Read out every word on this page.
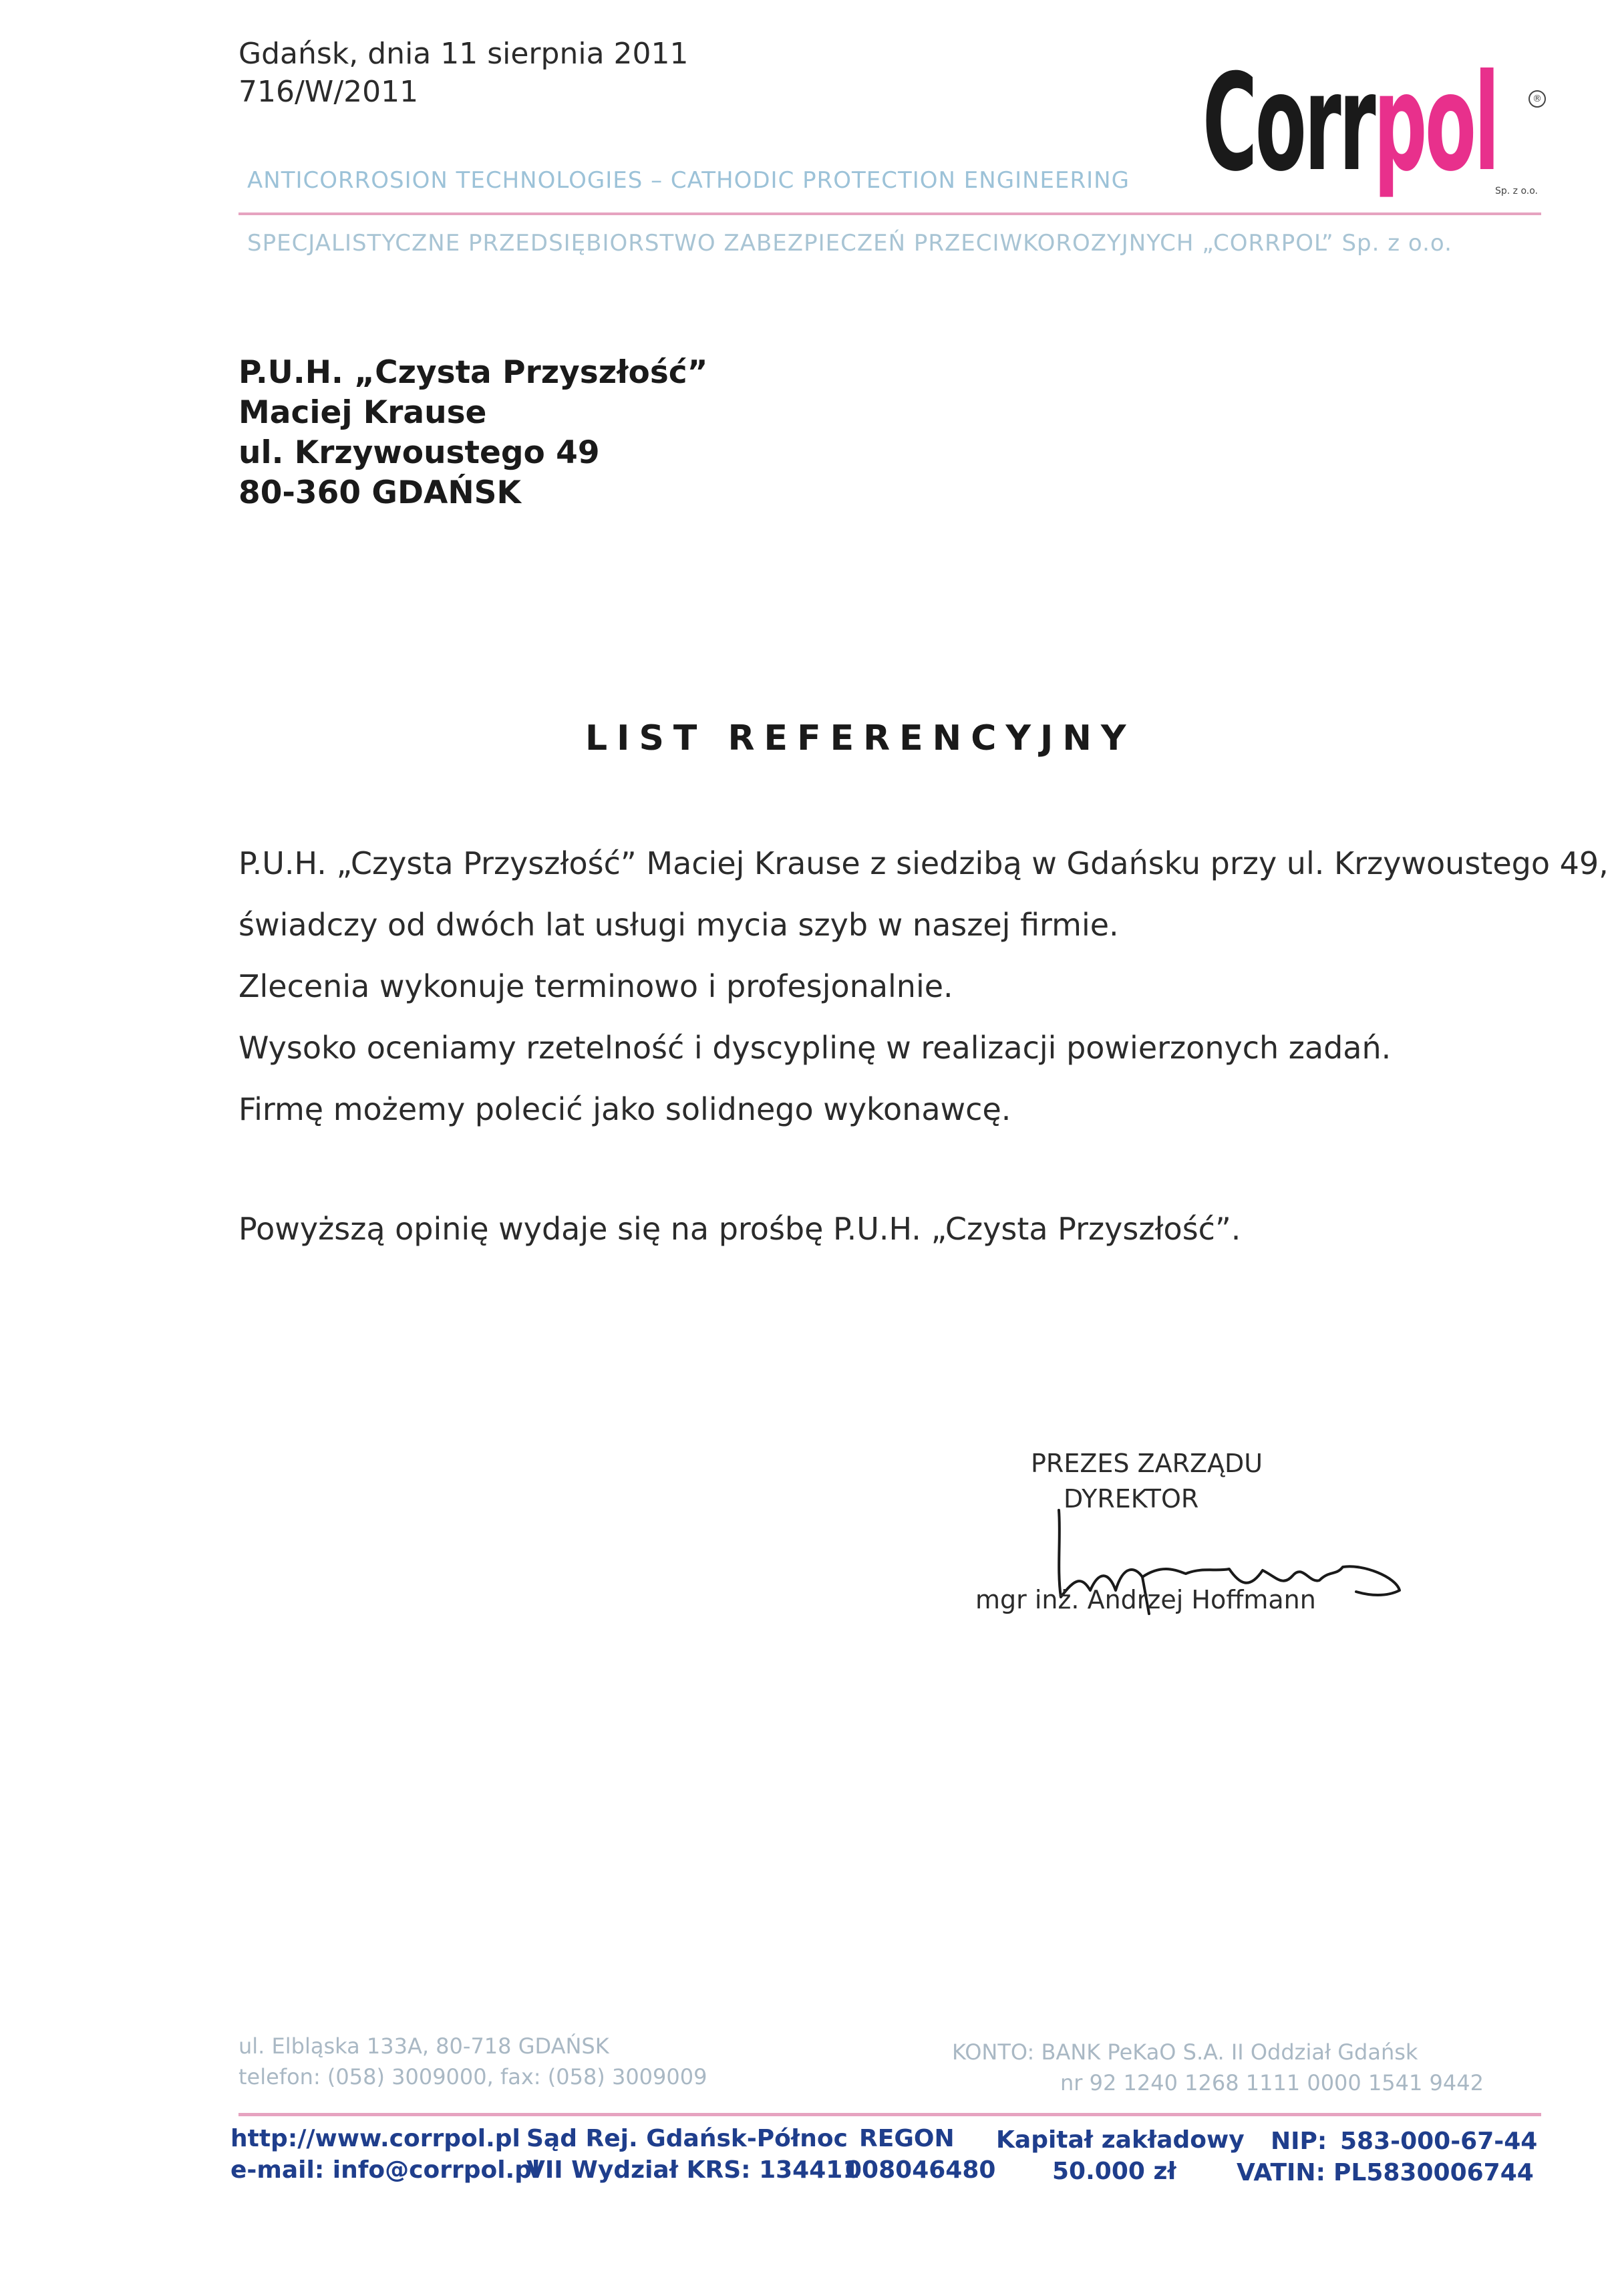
Gdańsk, dnia 11 sierpnia 2011
716/W/2011	Corrpol	®
Sp. z o.o.
ANTICORROSION TECHNOLOGIES – CATHODIC PROTECTION ENGINEERING
SPECJALISTYCZNE PRZEDSIĘBIORSTWO ZABEZPIECZEŃ PRZECIWKOROZYJNYCH „CORRPOL” Sp. z o.o.
P.U.H. „Czysta Przyszłość”
Maciej Krause
ul. Krzywoustego 49
80-360 GDAŃSK
LIST REFERENCYJNY
P.U.H. „Czysta Przyszłość” Maciej Krause z siedzibą w Gdańsku przy ul. Krzywoustego 49,
świadczy od dwóch lat usługi mycia szyb w naszej firmie.
Zlecenia wykonuje terminowo i profesjonalnie.
Wysoko oceniamy rzetelność i dyscyplinę w realizacji powierzonych zadań.
Firmę możemy polecić jako solidnego wykonawcę.
Powyższą opinię wydaje się na prośbę P.U.H. „Czysta Przyszłość”.
PREZES ZARZĄDU
DYREKTOR
mgr inż. Andrzej Hoffmann
ul. Elbląska 133A, 80-718 GDAŃSK
telefon: (058) 3009000, fax: (058) 3009009
KONTO: BANK PeKaO S.A. II Oddział Gdańsk
nr 92 1240 1268 1111 0000 1541 9442
http://www.corrpol.pl
e-mail: info@corrpol.pl
Sąd Rej. Gdańsk-Północ
VII Wydział KRS: 134411
REGON
008046480
Kapitał zakładowy
50.000 zł
NIP: 583-000-67-44
VATIN: PL5830006744
